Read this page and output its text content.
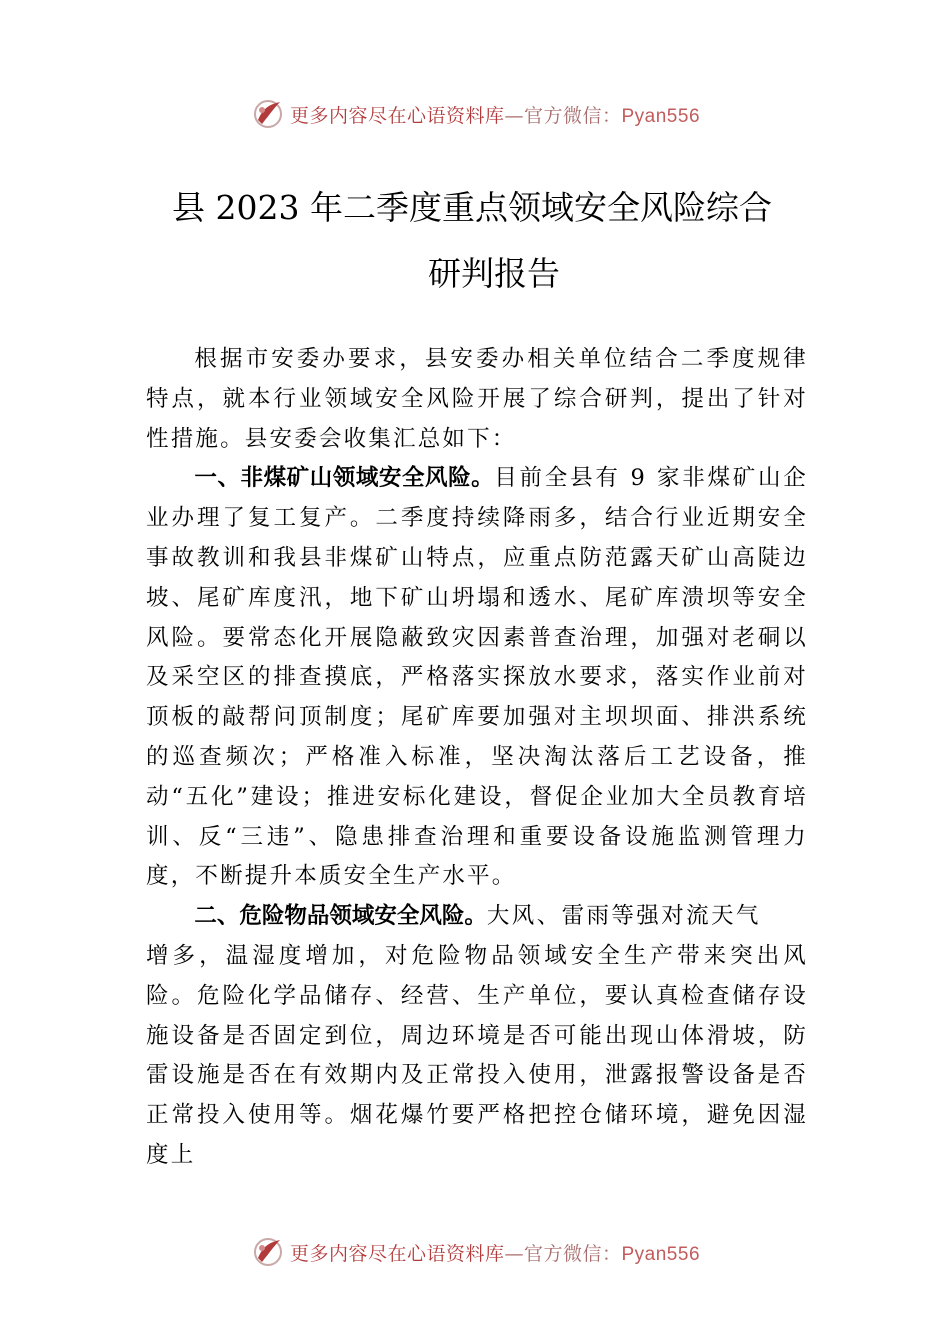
更多内容尽在心语资料库—官方微信：Pyan556
县 2023 年二季度重点领域安全风险综合
研判报告

根据市安委办要求，县安委办相关单位结合二季度规律特点，就本行业领域安全风险开展了综合研判，提出了针对性措施。县安委会收集汇总如下：

一、非煤矿山领域安全风险。目前全县有 9 家非煤矿山企业办理了复工复产。二季度持续降雨多，结合行业近期安全事故教训和我县非煤矿山特点，应重点防范露天矿山高陡边坡、尾矿库度汛，地下矿山坍塌和透水、尾矿库溃坝等安全风险。要常态化开展隐蔽致灾因素普查治理，加强对老硐以及采空区的排查摸底，严格落实探放水要求，落实作业前对顶板的敲帮问顶制度；尾矿库要加强对主坝坝面、排洪系统的巡查频次；严格准入标准，坚决淘汰落后工艺设备，推动“五化”建设；推进安标化建设，督促企业加大全员教育培训、反“三违”、隐患排查治理和重要设备设施监测管理力度，不断提升本质安全生产水平。

二、危险物品领域安全风险。大风、雷雨等强对流天气

增多，温湿度增加，对危险物品领域安全生产带来突出风险。危险化学品储存、经营、生产单位，要认真检查储存设施设备是否固定到位，周边环境是否可能出现山体滑坡，防雷设施是否在有效期内及正常投入使用，泄露报警设备是否正常投入使用等。烟花爆竹要严格把控仓储环境，避免因湿度上

更多内容尽在心语资料库—官方微信：Pyan556
